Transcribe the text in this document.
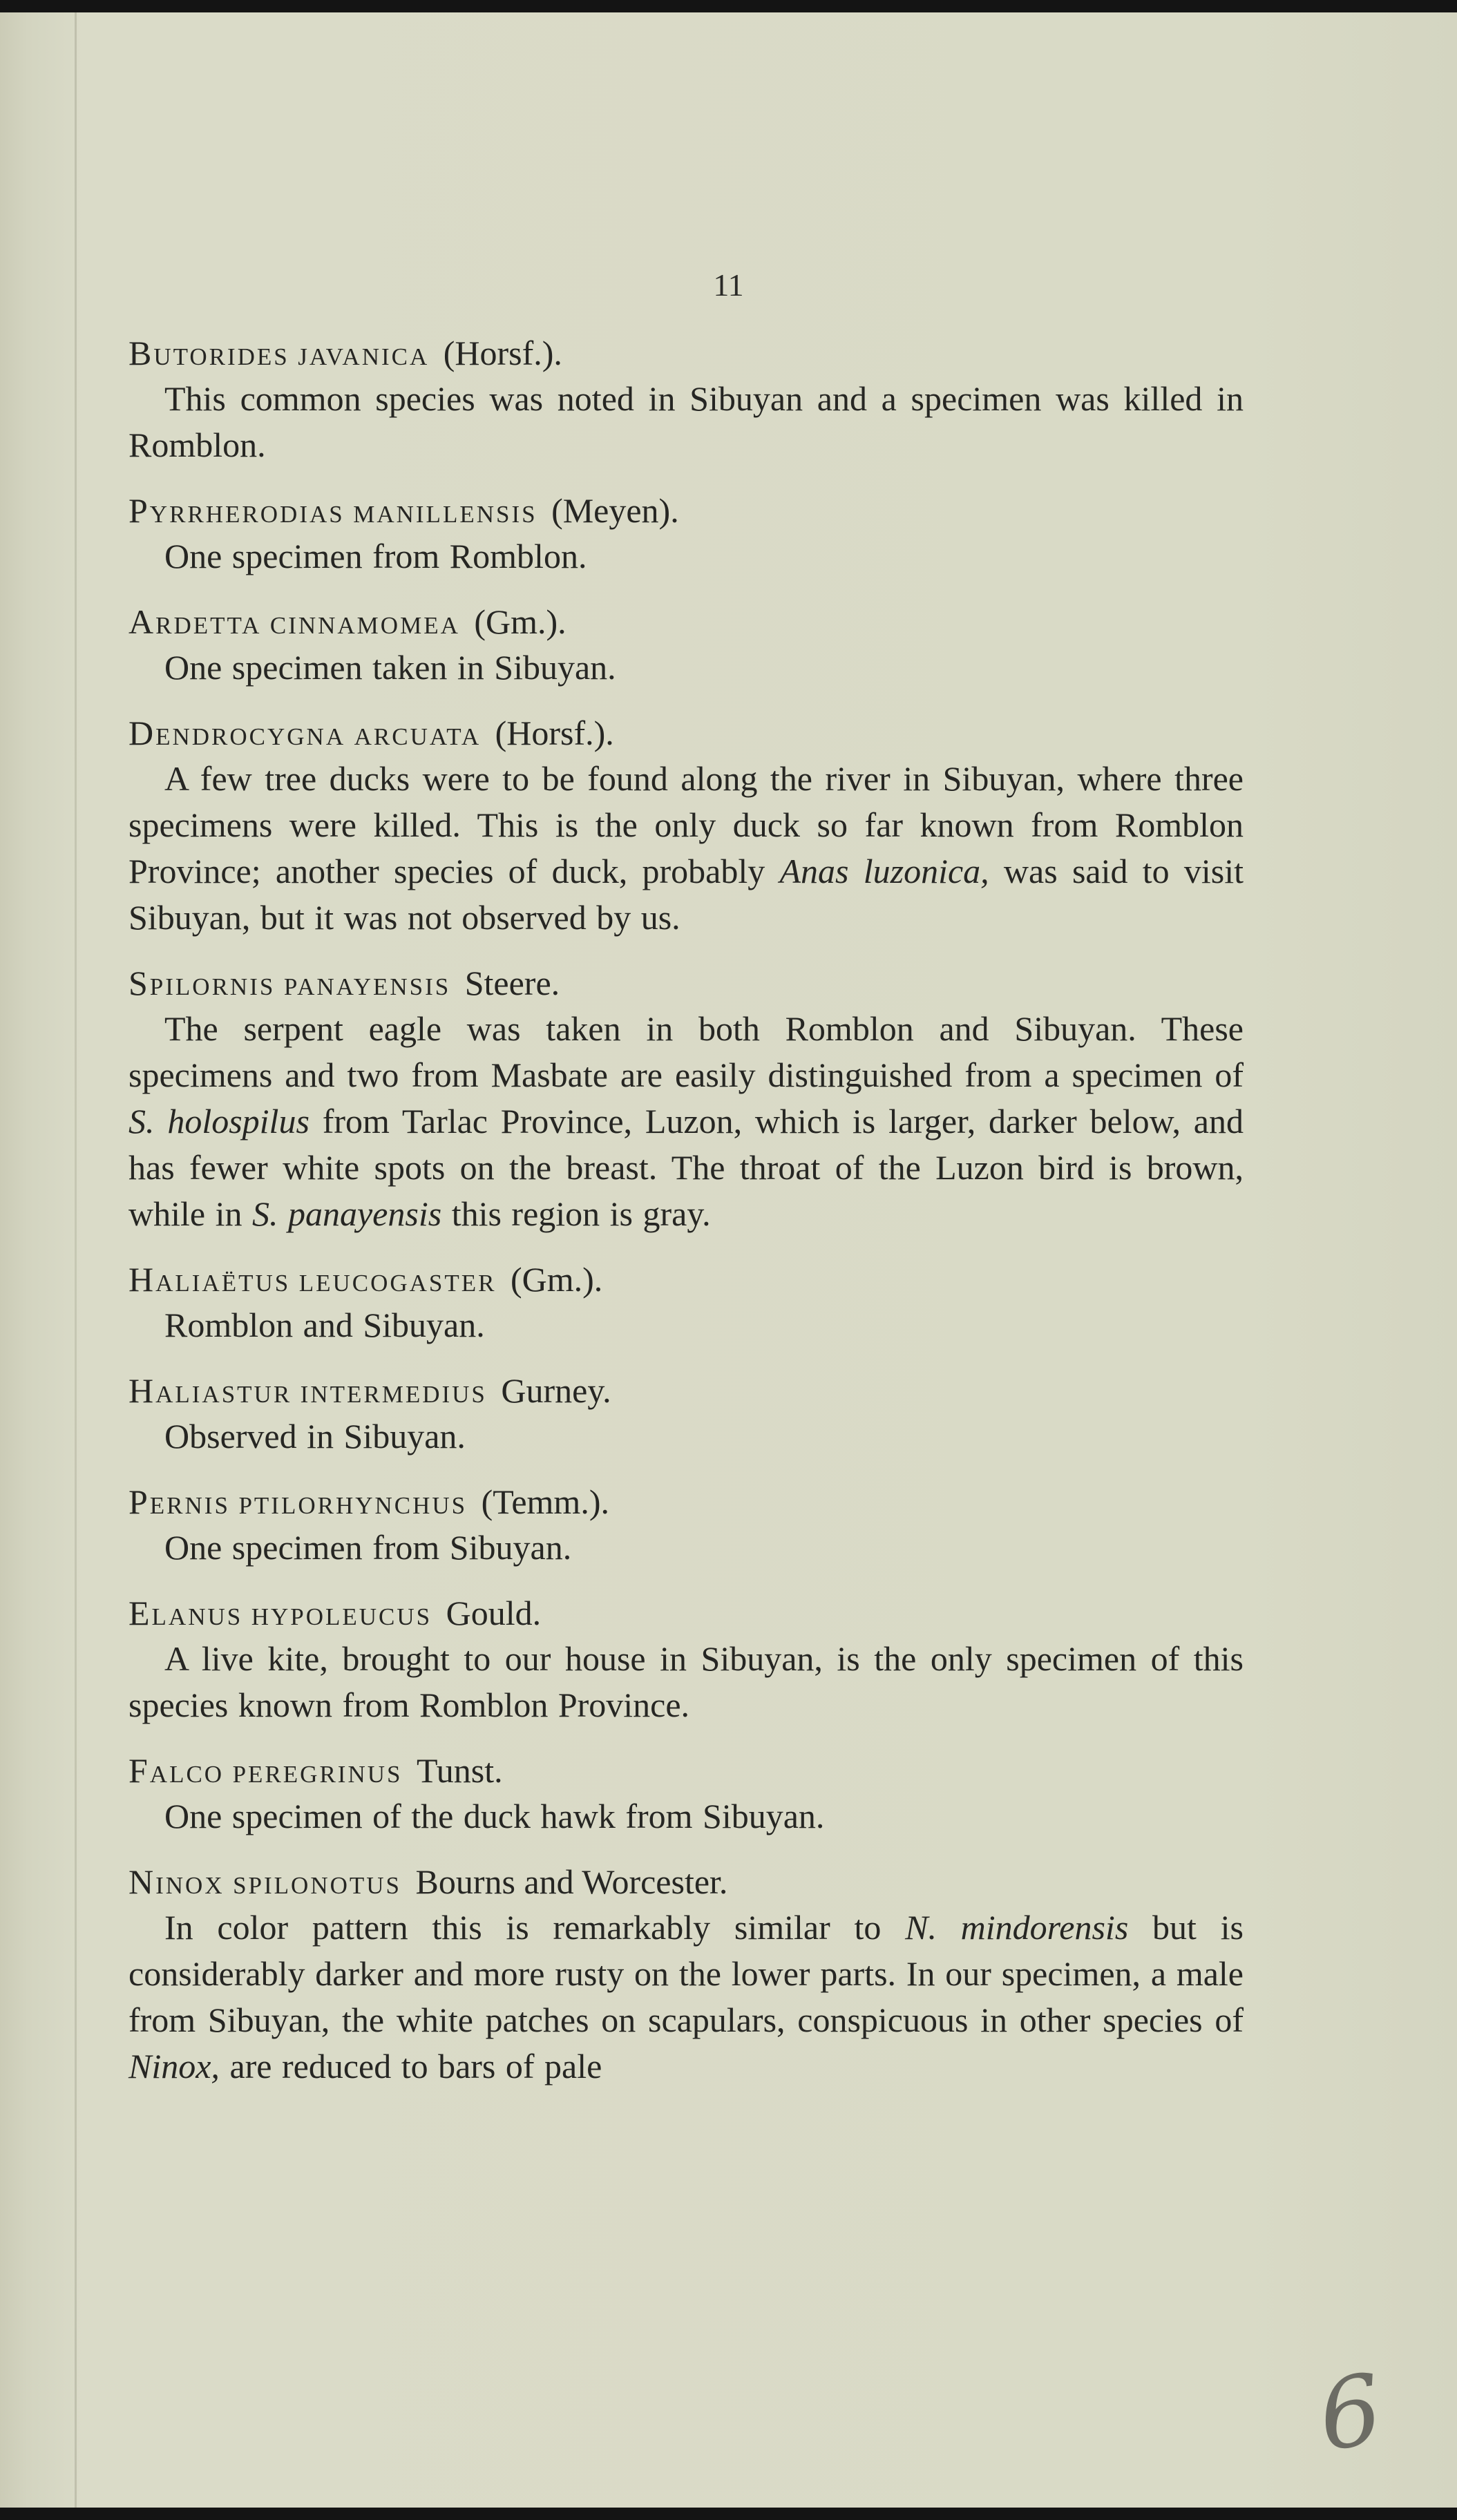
11

Butorides javanica (Horsf.).

This common species was noted in Sibuyan and a specimen was killed in Romblon.

Pyrrherodias manillensis (Meyen).

One specimen from Romblon.

Ardetta cinnamomea (Gm.).

One specimen taken in Sibuyan.

Dendrocygna arcuata (Horsf.).

A few tree ducks were to be found along the river in Sibuyan, where three specimens were killed. This is the only duck so far known from Romblon Province; another species of duck, probably Anas luzonica, was said to visit Sibuyan, but it was not observed by us.

Spilornis panayensis Steere.

The serpent eagle was taken in both Romblon and Sibuyan. These specimens and two from Masbate are easily distinguished from a specimen of S. holospilus from Tarlac Province, Luzon, which is larger, darker below, and has fewer white spots on the breast. The throat of the Luzon bird is brown, while in S. panayensis this region is gray.

Haliaëtus leucogaster (Gm.).

Romblon and Sibuyan.

Haliastur intermedius Gurney.

Observed in Sibuyan.

Pernis ptilorhynchus (Temm.).

One specimen from Sibuyan.

Elanus hypoleucus Gould.

A live kite, brought to our house in Sibuyan, is the only specimen of this species known from Romblon Province.

Falco peregrinus Tunst.

One specimen of the duck hawk from Sibuyan.

Ninox spilonotus Bourns and Worcester.

In color pattern this is remarkably similar to N. mindorensis but is considerably darker and more rusty on the lower parts. In our specimen, a male from Sibuyan, the white patches on scapulars, conspicuous in other species of Ninox, are reduced to bars of pale

6
